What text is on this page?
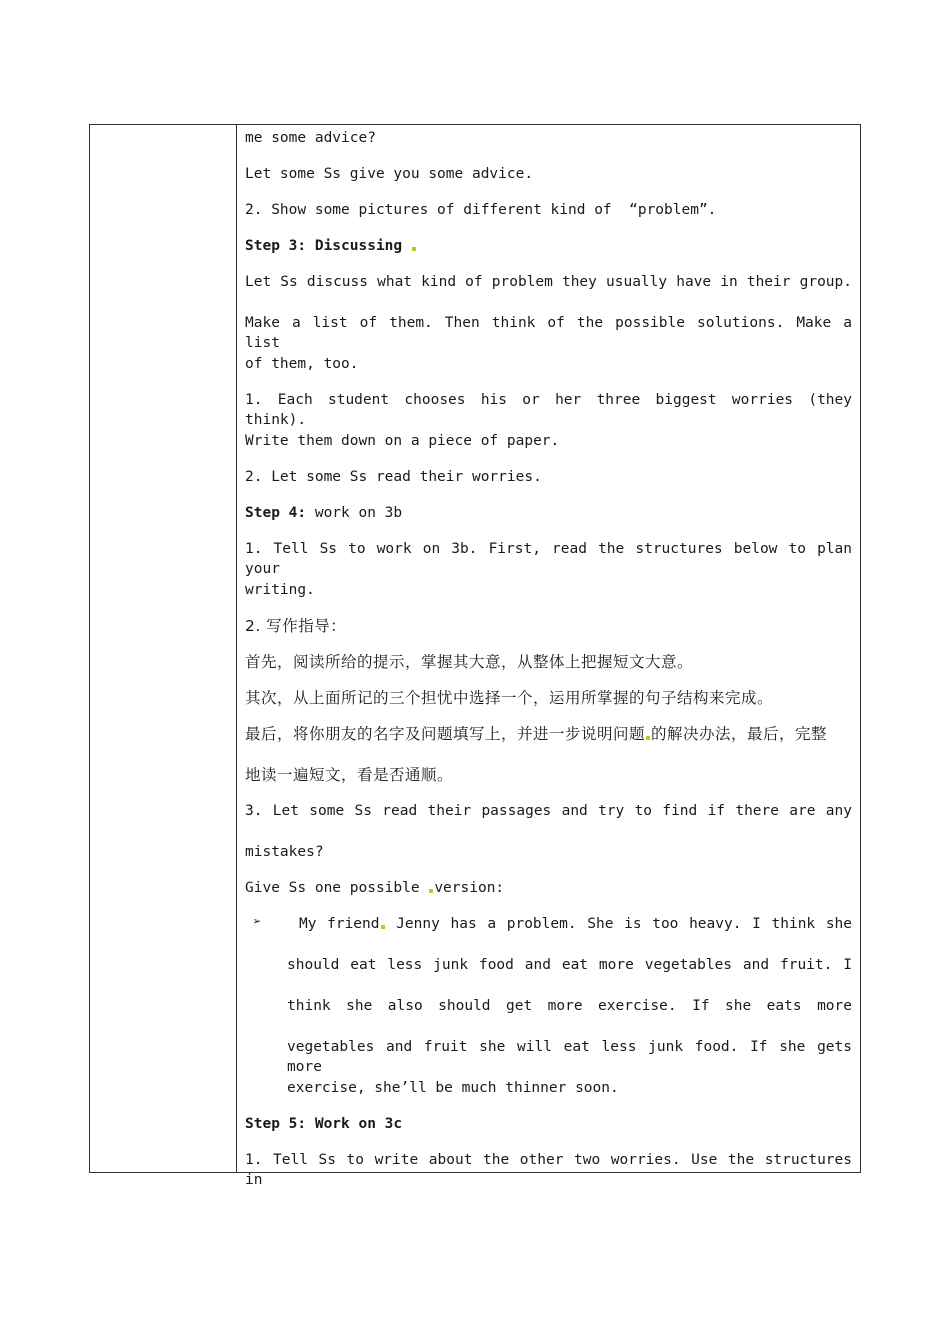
me some advice?
Let some Ss give you some advice.
2. Show some pictures of different kind of  “problem”.
Step 3: Discussing
Let Ss discuss what kind of problem they usually have in their group.
Make a list of them. Then think of the possible solutions. Make a list
of them, too.
1. Each student chooses his or her three biggest worries (they think).
Write them down on a piece of paper.
2. Let some Ss read their worries.
Step 4: work on 3b
1. Tell Ss to work on 3b. First, read the structures below to plan your
writing.
2. 写作指导：
首先，阅读所给的提示，掌握其大意，从整体上把握短文大意。
其次，从上面所记的三个担忧中选择一个，运用所掌握的句子结构来完成。
最后，将你朋友的名字及问题填写上，并进一步说明问题 的解决办法，最后，完整
地读一遍短文，看是否通顺。
3. Let some Ss read their passages and try to find if there are any
mistakes?
Give Ss one possible version:
➢	My friend Jenny has a problem. She is too heavy. I think she
should eat less junk food and eat more vegetables and fruit. I
think she also should get more exercise. If she eats more
vegetables and fruit she will eat less junk food. If she gets more
exercise, she’ll be much thinner soon.
Step 5: Work on 3c
1. Tell Ss to write about the other two worries. Use the structures in
